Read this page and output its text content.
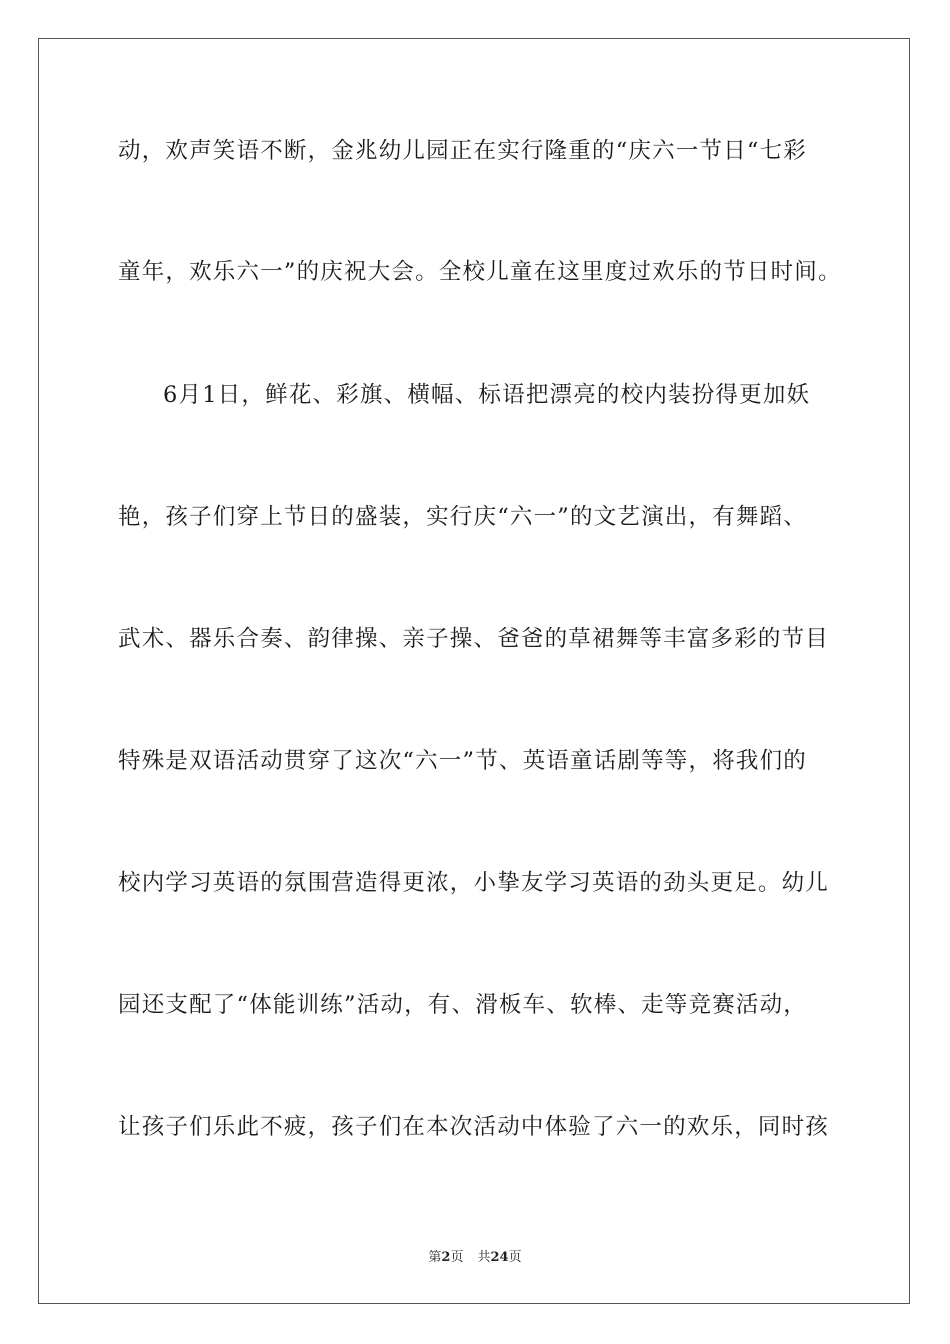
动，欢声笑语不断，金兆幼儿园正在实行隆重的“庆六一节日“七彩
童年，欢乐六一”的庆祝大会。全校儿童在这里度过欢乐的节日时间。
6月1日，鲜花、彩旗、横幅、标语把漂亮的校内装扮得更加妖
艳，孩子们穿上节日的盛装，实行庆“六一”的文艺演出，有舞蹈、
武术、器乐合奏、韵律操、亲子操、爸爸的草裙舞等丰富多彩的节目
特殊是双语活动贯穿了这次“六一”节、英语童话剧等等，将我们的
校内学习英语的氛围营造得更浓，小挚友学习英语的劲头更足。幼儿
园还支配了“体能训练”活动，有、滑板车、软棒、走等竞赛活动，
让孩子们乐此不疲，孩子们在本次活动中体验了六一的欢乐，同时孩
第2页 共24页
